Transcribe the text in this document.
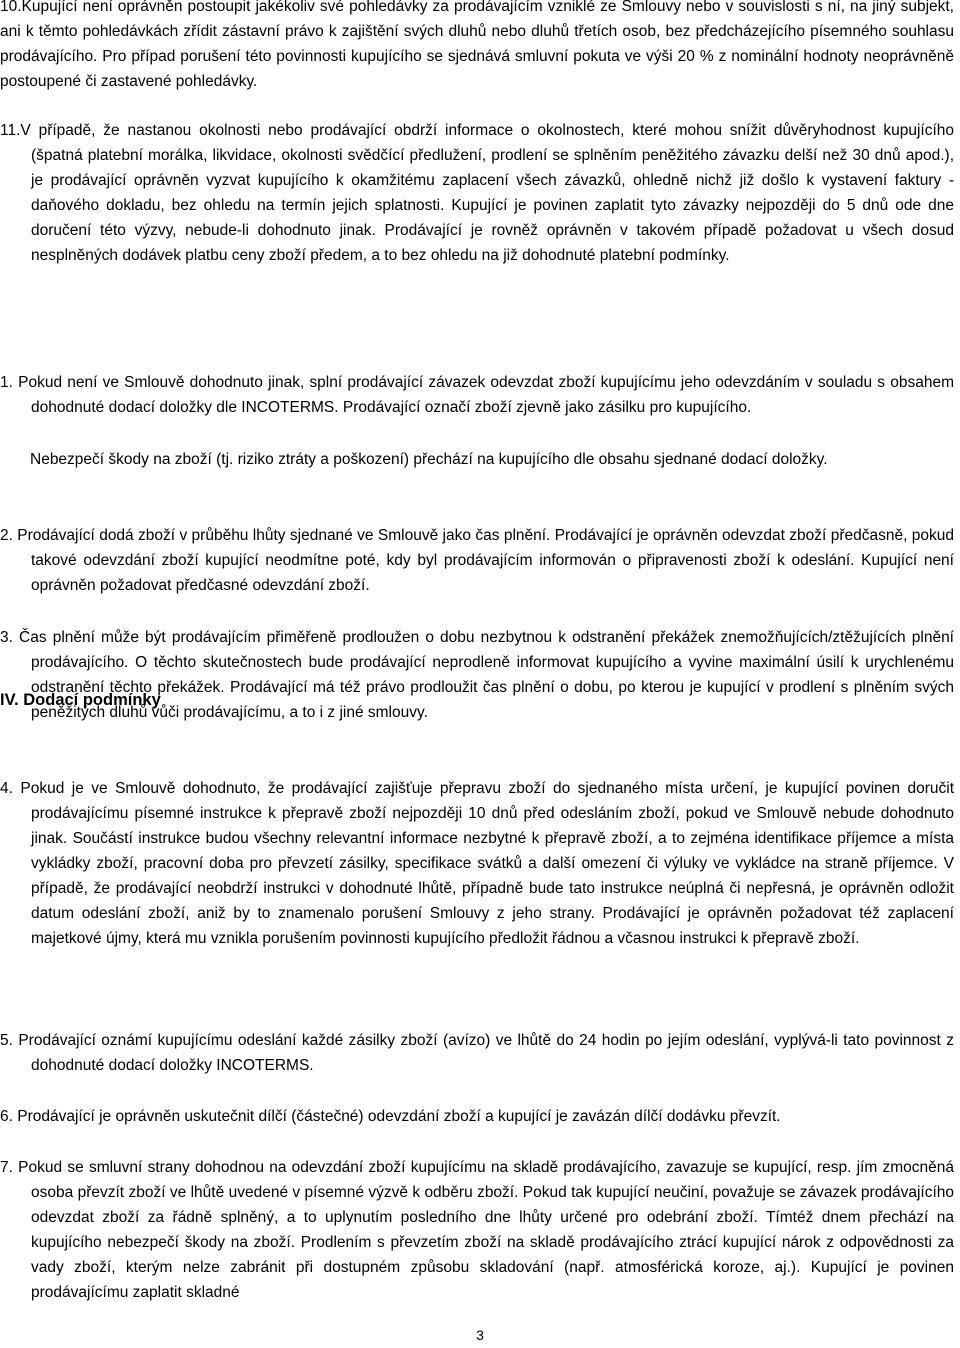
10.Kupující není oprávněn postoupit jakékoliv své pohledávky za prodávajícím vzniklé ze Smlouvy nebo v souvislosti s ní, na jiný subjekt, ani k těmto pohledávkách zřídit zástavní právo k zajištění svých dluhů nebo dluhů třetích osob, bez předcházejícího písemného souhlasu prodávajícího. Pro případ porušení této povinnosti kupujícího se sjednává smluvní pokuta ve výši 20 % z nominální hodnoty neoprávněně postoupené či zastavené pohledávky.

11.V případě, že nastanou okolnosti nebo prodávající obdrží informace o okolnostech, které mohou snížit důvěryhodnost kupujícího (špatná platební morálka, likvidace, okolnosti svědčící předlužení, prodlení se splněním peněžitého závazku delší než 30 dnů apod.), je prodávající oprávněn vyzvat kupujícího k okamžitému zaplacení všech závazků, ohledně nichž již došlo k vystavení faktury - daňového dokladu, bez ohledu na termín jejich splatnosti. Kupující je povinen zaplatit tyto závazky nejpozději do 5 dnů ode dne doručení této výzvy, nebude-li dohodnuto jinak. Prodávající je rovněž oprávněn v takovém případě požadovat u všech dosud nesplněných dodávek platbu ceny zboží předem, a to bez ohledu na již dohodnuté platební podmínky.

IV. Dodací podmínky
1. Pokud není ve Smlouvě dohodnuto jinak, splní prodávající závazek odevzdat zboží kupujícímu jeho odevzdáním v souladu s obsahem dohodnuté dodací doložky dle INCOTERMS. Prodávající označí zboží zjevně jako zásilku pro kupujícího.
Nebezpečí škody na zboží (tj. riziko ztráty a poškození) přechází na kupujícího dle obsahu sjednané dodací doložky.
2. Prodávající dodá zboží v průběhu lhůty sjednané ve Smlouvě jako čas plnění. Prodávající je oprávněn odevzdat zboží předčasně, pokud takové odevzdání zboží kupující neodmítne poté, kdy byl prodávajícím informován o připravenosti zboží k odeslání. Kupující není oprávněn požadovat předčasné odevzdání zboží.
3. Čas plnění může být prodávajícím přiměřeně prodloužen o dobu nezbytnou k odstranění překážek znemožňujících/ztěžujících plnění prodávajícího. O těchto skutečnostech bude prodávající neprodleně informovat kupujícího a vyvine maximální úsilí k urychlenému odstranění těchto překážek. Prodávající má též právo prodloužit čas plnění o dobu, po kterou je kupující v prodlení s plněním svých peněžitých dluhů vůči prodávajícímu, a to i z jiné smlouvy.
4. Pokud je ve Smlouvě dohodnuto, že prodávající zajišťuje přepravu zboží do sjednaného místa určení, je kupující povinen doručit prodávajícímu písemné instrukce k přepravě zboží nejpozději 10 dnů před odesláním zboží, pokud ve Smlouvě nebude dohodnuto jinak. Součástí instrukce budou všechny relevantní informace nezbytné k přepravě zboží, a to zejména identifikace příjemce a místa vykládky zboží, pracovní doba pro převzetí zásilky, specifikace svátků a další omezení či výluky ve vykládce na straně příjemce. V případě, že prodávající neobdrží instrukci v dohodnuté lhůtě, případně bude tato instrukce neúplná či nepřesná, je oprávněn odložit datum odeslání zboží, aniž by to znamenalo porušení Smlouvy z jeho strany. Prodávající je oprávněn požadovat též zaplacení majetkové újmy, která mu vznikla porušením povinnosti kupujícího předložit řádnou a včasnou instrukci k přepravě zboží.
5. Prodávající oznámí kupujícímu odeslání každé zásilky zboží (avízo) ve lhůtě do 24 hodin po jejím odeslání, vyplývá-li tato povinnost z dohodnuté dodací doložky INCOTERMS.
6. Prodávající je oprávněn uskutečnit dílčí (částečné) odevzdání zboží a kupující je zavázán dílčí dodávku převzít.
7. Pokud se smluvní strany dohodnou na odevzdání zboží kupujícímu na skladě prodávajícího, zavazuje se kupující, resp. jím zmocněná osoba převzít zboží ve lhůtě uvedené v písemné výzvě k odběru zboží. Pokud tak kupující neučiní, považuje se závazek prodávajícího odevzdat zboží za řádně splněný, a to uplynutím posledního dne lhůty určené pro odebrání zboží. Tímtéž dnem přechází na kupujícího nebezpečí škody na zboží. Prodlením s převzetím zboží na skladě prodávajícího ztrácí kupující nárok z odpovědnosti za vady zboží, kterým nelze zabránit při dostupném způsobu skladování (např. atmosférická koroze, aj.). Kupující je povinen prodávajícímu zaplatit skladné
3
